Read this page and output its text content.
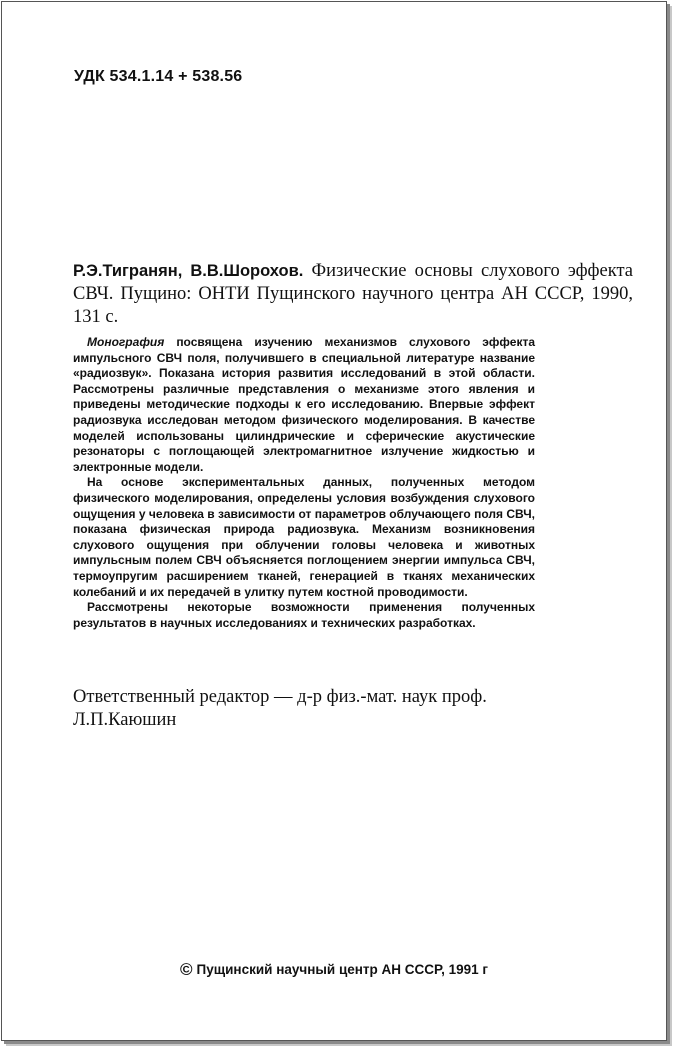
УДК 534.1.14 + 538.56
Р.Э.Тигранян, В.В.Шорохов. Физические основы слухового эффекта СВЧ. Пущино: ОНТИ Пущинского научного центра АН СССР, 1990, 131 с.

Монография посвящена изучению механизмов слухового эффекта импульсного СВЧ поля, получившего в специальной литературе название «радиозвук». Показана история развития исследований в этой области. Рассмотрены различные представления о механизме этого явления и приведены методические подходы к его исследованию. Впервые эффект радиозвука исследован методом физического моделирования. В качестве моделей использованы цилиндрические и сферические акустические резонаторы с поглощающей электромагнитное излучение жидкостью и электронные модели.

На основе экспериментальных данных, полученных методом физического моделирования, определены условия возбуждения слухового ощущения у человека в зависимости от параметров облучающего поля СВЧ, показана физическая природа радиозвука. Механизм возникновения слухового ощущения при облучении головы человека и животных импульсным полем СВЧ объясняется поглощением энергии импульса СВЧ, термоупругим расширением тканей, генерацией в тканях механических колебаний и их передачей в улитку путем костной проводимости.

Рассмотрены некоторые возможности применения полученных результатов в научных исследованиях и технических разработках.

Ответственный редактор — д-р физ.-мат. наук проф. Л.П.Каюшин
© Пущинский научный центр АН СССР, 1991 г
